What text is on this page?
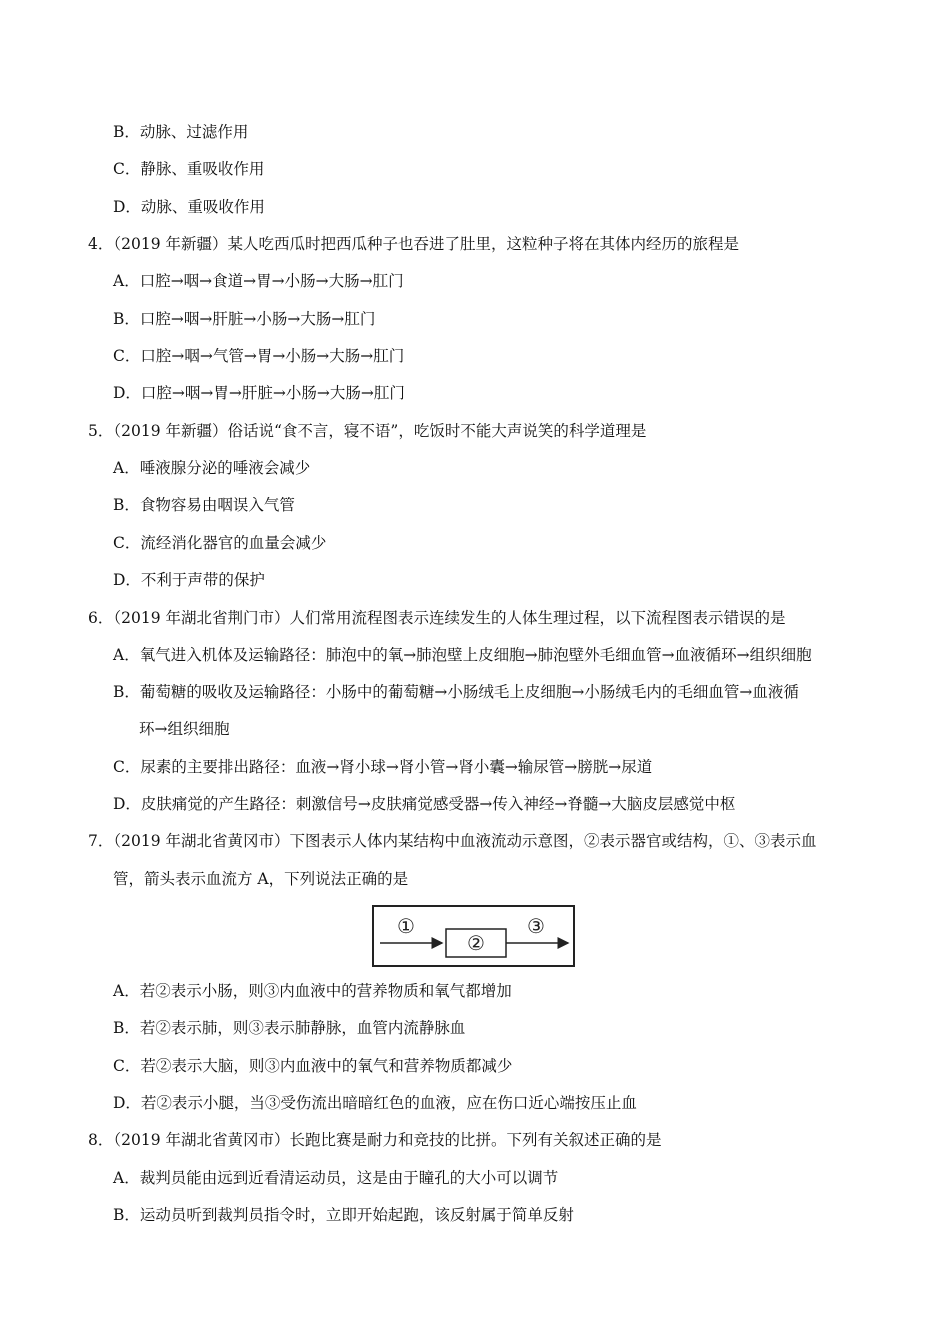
B．动脉、过滤作用
C．静脉、重吸收作用
D．动脉、重吸收作用
4．（2019 年新疆）某人吃西瓜时把西瓜种子也吞进了肚里，这粒种子将在其体内经历的旅程是
A．口腔→咽→食道→胃→小肠→大肠→肛门
B．口腔→咽→肝脏→小肠→大肠→肛门
C．口腔→咽→气管→胃→小肠→大肠→肛门
D．口腔→咽→胃→肝脏→小肠→大肠→肛门
5．（2019 年新疆）俗话说“食不言，寝不语”，吃饭时不能大声说笑的科学道理是
A．唾液腺分泌的唾液会减少
B．食物容易由咽误入气管
C．流经消化器官的血量会减少
D．不利于声带的保护
6．（2019 年湖北省荆门市）人们常用流程图表示连续发生的人体生理过程，以下流程图表示错误的是
A．氧气进入机体及运输路径：肺泡中的氧→肺泡壁上皮细胞→肺泡壁外毛细血管→血液循环→组织细胞
B．葡萄糖的吸收及运输路径：小肠中的葡萄糖→小肠绒毛上皮细胞→小肠绒毛内的毛细血管→血液循
环→组织细胞
C．尿素的主要排出路径：血液→肾小球→肾小管→肾小囊→输尿管→膀胱→尿道
D．皮肤痛觉的产生路径：刺激信号→皮肤痛觉感受器→传入神经→脊髓→大脑皮层感觉中枢
7．（2019 年湖北省黄冈市）下图表示人体内某结构中血液流动示意图，②表示器官或结构，①、③表示血
管，箭头表示血流方 A，下列说法正确的是
①
②
③
A．若②表示小肠，则③内血液中的营养物质和氧气都增加
B．若②表示肺，则③表示肺静脉，血管内流静脉血
C．若②表示大脑，则③内血液中的氧气和营养物质都减少
D．若②表示小腿，当③受伤流出暗暗红色的血液，应在伤口近心端按压止血
8．（2019 年湖北省黄冈市）长跑比赛是耐力和竞技的比拼。下列有关叙述正确的是
A．裁判员能由远到近看清运动员，这是由于瞳孔的大小可以调节
B．运动员听到裁判员指令时，立即开始起跑，该反射属于简单反射
